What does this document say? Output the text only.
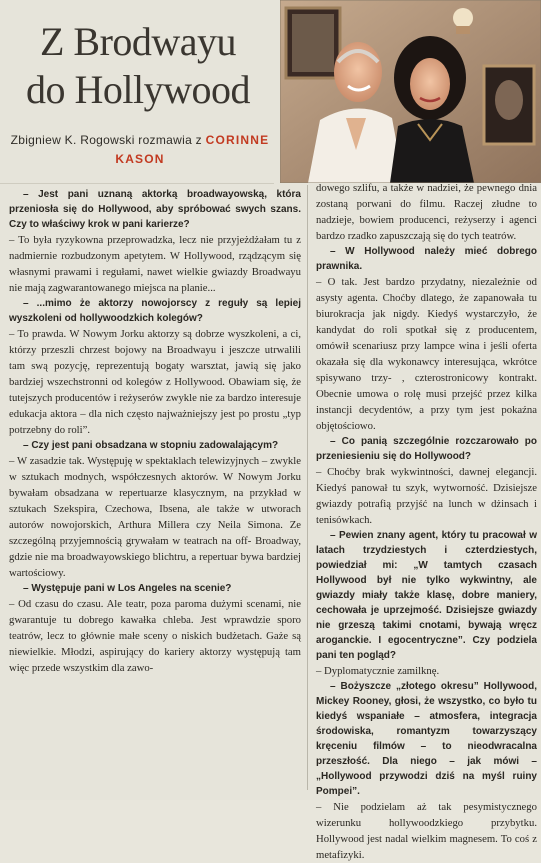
Z Brodwayu do Hollywood
Zbigniew K. Rogowski rozmawia z CORINNE KASON

– Jest pani uznaną aktorką broadwayowską, która przeniosła się do Hollywood, aby spróbować swych szans. Czy to właściwy krok w pani karierze?

– To była ryzykowna przeprowadzka, lecz nie przyjeżdżałam tu z nadmiernie rozbudzonym apetytem. W Hollywood, rządzącym się własnymi prawami i regułami, nawet wielkie gwiazdy Broadwayu nie mają zagwarantowanego miejsca na planie...

– ...mimo że aktorzy nowojorscy z reguły są lepiej wyszkoleni od hollywoodzkich kolegów?

– To prawda. W Nowym Jorku aktorzy są dobrze wyszkoleni, a ci, którzy przeszli chrzest bojowy na Broadwayu i jeszcze utrwalili tam swą pozycję, reprezentują bogaty warsztat, jawią się jako bardziej wszechstronni od kolegów z Hollywood. Obawiam się, że tutejszych producentów i reżyserów zwykle nie za bardzo interesuje edukacja aktora – dla nich często najważniejszy jest po prostu „typ potrzebny do roli”.

– Czy jest pani obsadzana w stopniu zadowalającym?

– W zasadzie tak. Występuję w spektaklach telewizyjnych – zwykle w sztukach modnych, współczesnych aktorów. W Nowym Jorku bywałam obsadzana w repertuarze klasycznym, na przykład w sztukach Szekspira, Czechowa, Ibsena, ale także w utworach autorów nowojorskich, Arthura Millera czy Neila Simona. Ze szczególną przyjemnością grywałam w teatrach na off- Broadway, gdzie nie ma broadwayowskiego blichtru, a repertuar bywa bardziej wartościowy.

– Występuje pani w Los Angeles na scenie?

– Od czasu do czasu. Ale teatr, poza paroma dużymi scenami, nie gwarantuje tu dobrego kawałka chleba. Jest wprawdzie sporo teatrów, lecz to głównie małe sceny o niskich budżetach. Gaże są niewielkie. Młodzi, aspirujący do kariery aktorzy występują tam więc przede wszystkim dla zawo-

dowego szlifu, a także w nadziei, że pewnego dnia zostaną porwani do filmu. Raczej złudne to nadzieje, bowiem producenci, reżyserzy i agenci bardzo rzadko zapuszczają się do tych teatrów.

– W Hollywood należy mieć dobrego prawnika.

– O tak. Jest bardzo przydatny, niezależnie od asysty agenta. Choćby dlatego, że zapanowała tu biurokracja jak nigdy. Kiedyś wystarczyło, że kandydat do roli spotkał się z producentem, omówił scenariusz przy lampce wina i jeśli oferta okazała się dla wykonawcy interesująca, wkrótce spisywano trzy- , czterostronicowy kontrakt. Obecnie umowa o rolę musi przejść przez kilka instancji decydentów, a przy tym jest pokaźna objętościowo.

– Co panią szczególnie rozczarowało po przeniesieniu się do Hollywood?

– Choćby brak wykwintności, dawnej elegancji. Kiedyś panował tu szyk, wytworność. Dzisiejsze gwiazdy potrafią przyjść na lunch w dżinsach i tenisówkach.

– Pewien znany agent, który tu pracował w latach trzydziestych i czterdziestych, powiedział mi: „W tamtych czasach Hollywood był nie tylko wykwintny, ale gwiazdy miały także klasę, dobre maniery, cechowała je uprzejmość. Dzisiejsze gwiazdy nie grzeszą takimi cnotami, bywają wręcz aroganckie. I egocentryczne”. Czy podziela pani ten pogląd?

– Dyplomatycznie zamilknę.

– Bożyszcze „złotego okresu” Hollywood, Mickey Rooney, głosi, że wszystko, co było tu kiedyś wspaniałe – atmosfera, integracja środowiska, romantyzm towarzyszący kręceniu filmów – to nieodwracalna przeszłość. Dla niego – jak mówi – „Hollywood przywodzi dziś na myśl ruiny Pompei”.

– Nie podzielam aż tak pesymistycznego wizerunku hollywoodzkiego przybytku. Hollywood jest nadal wielkim magnesem. To coś z metafizyki.
